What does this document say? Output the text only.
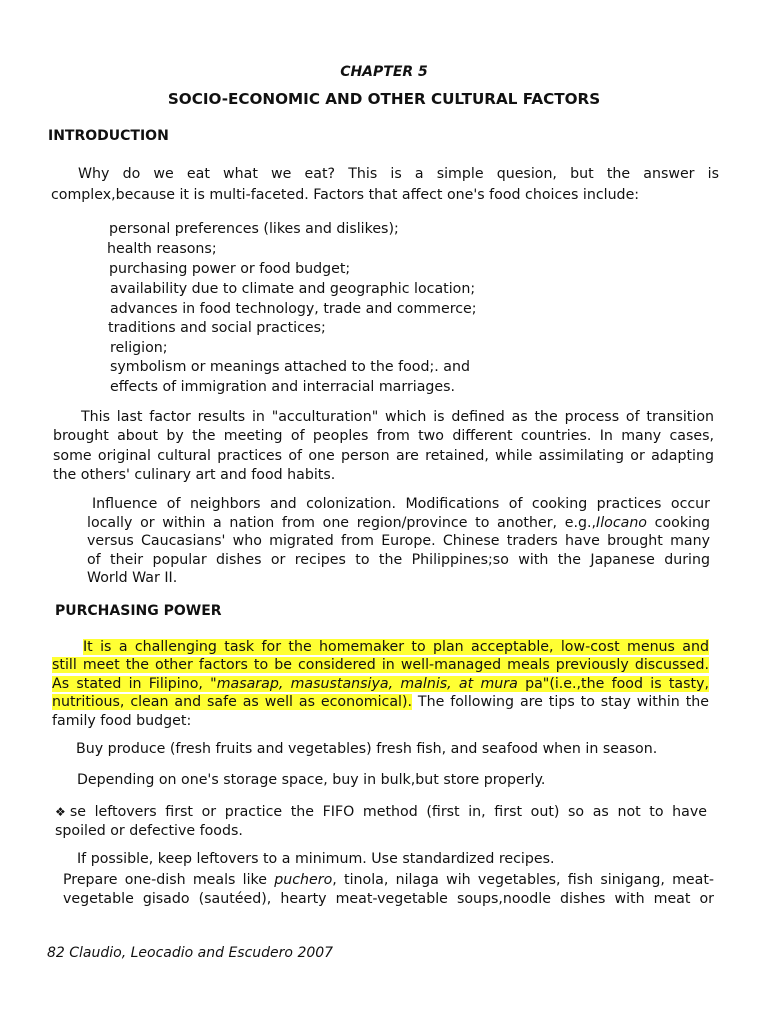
CHAPTER 5
SOCIO-ECONOMIC AND OTHER CULTURAL FACTORS
INTRODUCTION
Why do we eat what we eat? This is a simple quesion, but the answer is
complex,because it is multi-faceted. Factors that affect one's food choices include:
personal preferences (likes and dislikes);
health reasons;
purchasing power or food budget;
availability due to climate and geographic location;
advances in food technology, trade and commerce;
traditions and social practices;
religion;
symbolism or meanings attached to the food;. and
effects of immigration and interracial marriages.
This last factor results in "acculturation" which is defined as the process of transition
brought about by the meeting of peoples from two different countries. In many cases,
some original cultural practices of one person are retained, while assimilating or adapting
the others' culinary art and food habits.
Influence of neighbors and colonization. Modifications of cooking practices occur
locally or within a nation from one region/province to another, e.g.,Ilocano cooking
versus Caucasians' who migrated from Europe. Chinese traders have brought many
of their popular dishes or recipes to the Philippines;so with the Japanese during
World War II.
PURCHASING POWER
It is a challenging task for the homemaker to plan acceptable, low-cost menus and
still meet the other factors to be considered in well-managed meals previously discussed.
As stated in Filipino, "masarap, masustansiya, malnis, at mura pa"(i.e.,the food is tasty,
nutritious, clean and safe as well as economical). The following are tips to stay within the
family food budget:
Buy produce (fresh fruits and vegetables) fresh fish, and seafood when in season.
Depending on one's storage space, buy in bulk,but store properly.
❖se leftovers first or practice the FIFO method (first in, first out) so as not to have
spoiled or defective foods.
If possible, keep leftovers to a minimum. Use standardized recipes.
Prepare one-dish meals like puchero, tinola, nilaga wih vegetables, fish sinigang, meat-
vegetable gisado (sautéed), hearty meat-vegetable soups,noodle dishes with meat or
82 Claudio, Leocadio and Escudero 2007
